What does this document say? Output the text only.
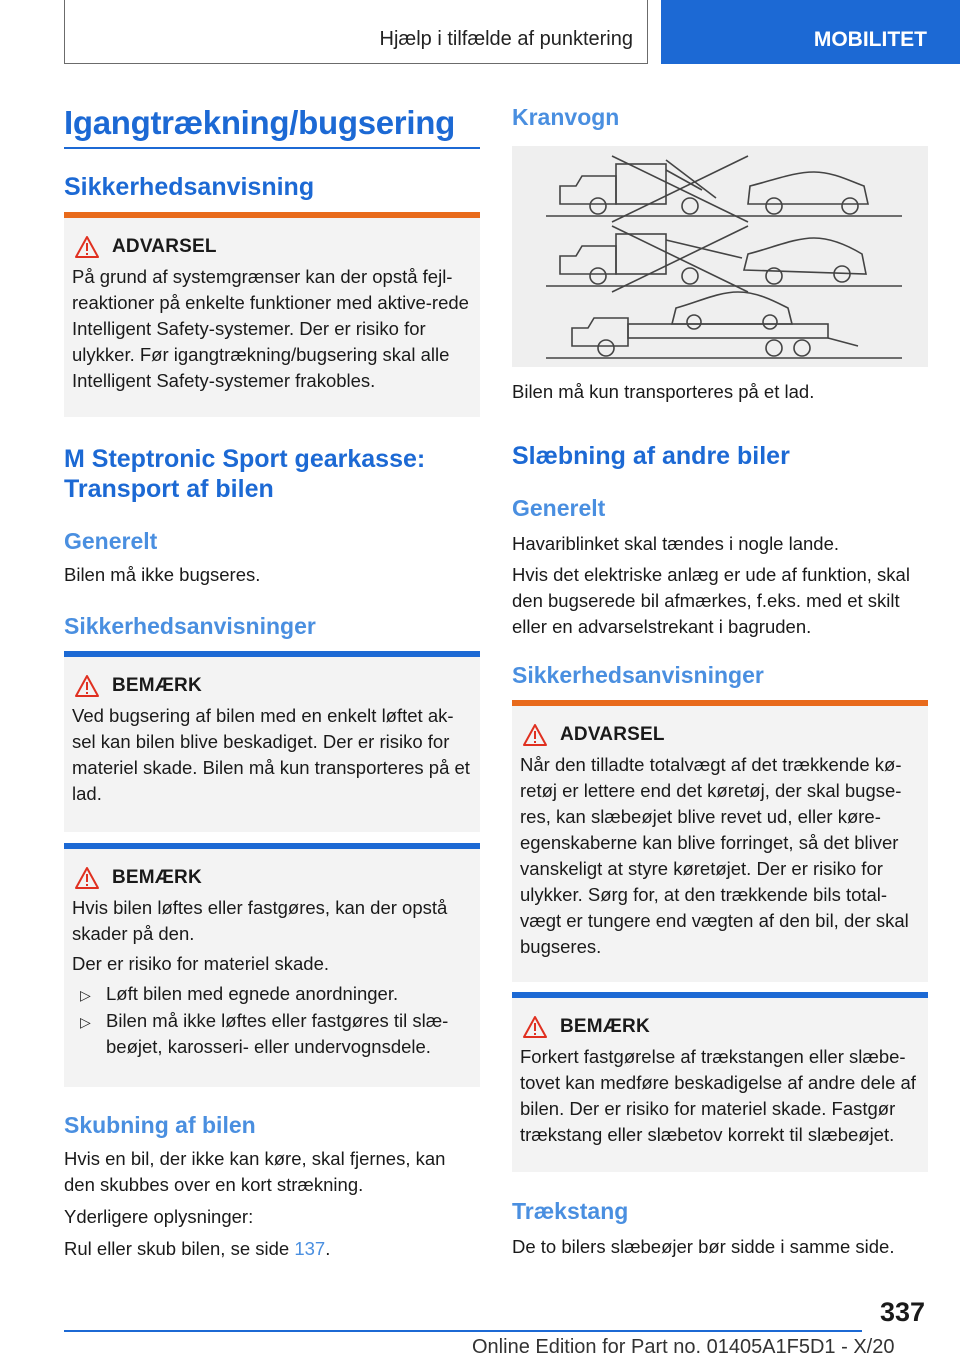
Hjælp i tilfælde af punktering	MOBILITET
Igangtrækning/bugsering
Sikkerhedsanvisning
ADVARSEL

På grund af systemgrænser kan der opstå fejl-reaktioner på enkelte funktioner med aktive-rede Intelligent Safety-systemer. Der er risiko for ulykker. Før igangtrækning/bugsering skal alle Intelligent Safety-systemer frakobles.

M Steptronic Sport gearkasse: Transport af bilen
Generelt
Bilen må ikke bugseres.
Sikkerhedsanvisninger
BEMÆRK

Ved bugsering af bilen med en enkelt løftet ak-sel kan bilen blive beskadiget. Der er risiko for materiel skade. Bilen må kun transporteres på et lad.

BEMÆRK

Hvis bilen løftes eller fastgøres, kan der opstå skader på den.

Der er risiko for materiel skade.

▷ Løft bilen med egnede anordninger.
▷ Bilen må ikke løftes eller fastgøres til slæ-beøjet, karosseri- eller undervognsdele.
Skubning af bilen
Hvis en bil, der ikke kan køre, skal fjernes, kan den skubbes over en kort strækning.
Yderligere oplysninger:
Rul eller skub bilen, se side 137.
Kranvogn
Bilen må kun transporteres på et lad.
Slæbning af andre biler
Generelt
Havariblinket skal tændes i nogle lande.
Hvis det elektriske anlæg er ude af funktion, skal den bugserede bil afmærkes, f.eks. med et skilt eller en advarselstrekant i bagruden.
Sikkerhedsanvisninger
ADVARSEL

Når den tilladte totalvægt af det trækkende kø-retøj er lettere end det køretøj, der skal bugse-res, kan slæbeøjet blive revet ud, eller køre-egenskaberne kan blive forringet, så det bliver vanskeligt at styre køretøjet. Der er risiko for ulykker. Sørg for, at den trækkende bils total-vægt er tungere end vægten af den bil, der skal bugseres.

BEMÆRK

Forkert fastgørelse af trækstangen eller slæbe-tovet kan medføre beskadigelse af andre dele af bilen. Der er risiko for materiel skade. Fastgør trækstang eller slæbetov korrekt til slæbeøjet.

Trækstang
De to bilers slæbeøjer bør sidde i samme side.
337
Online Edition for Part no. 01405A1F5D1 - X/20
